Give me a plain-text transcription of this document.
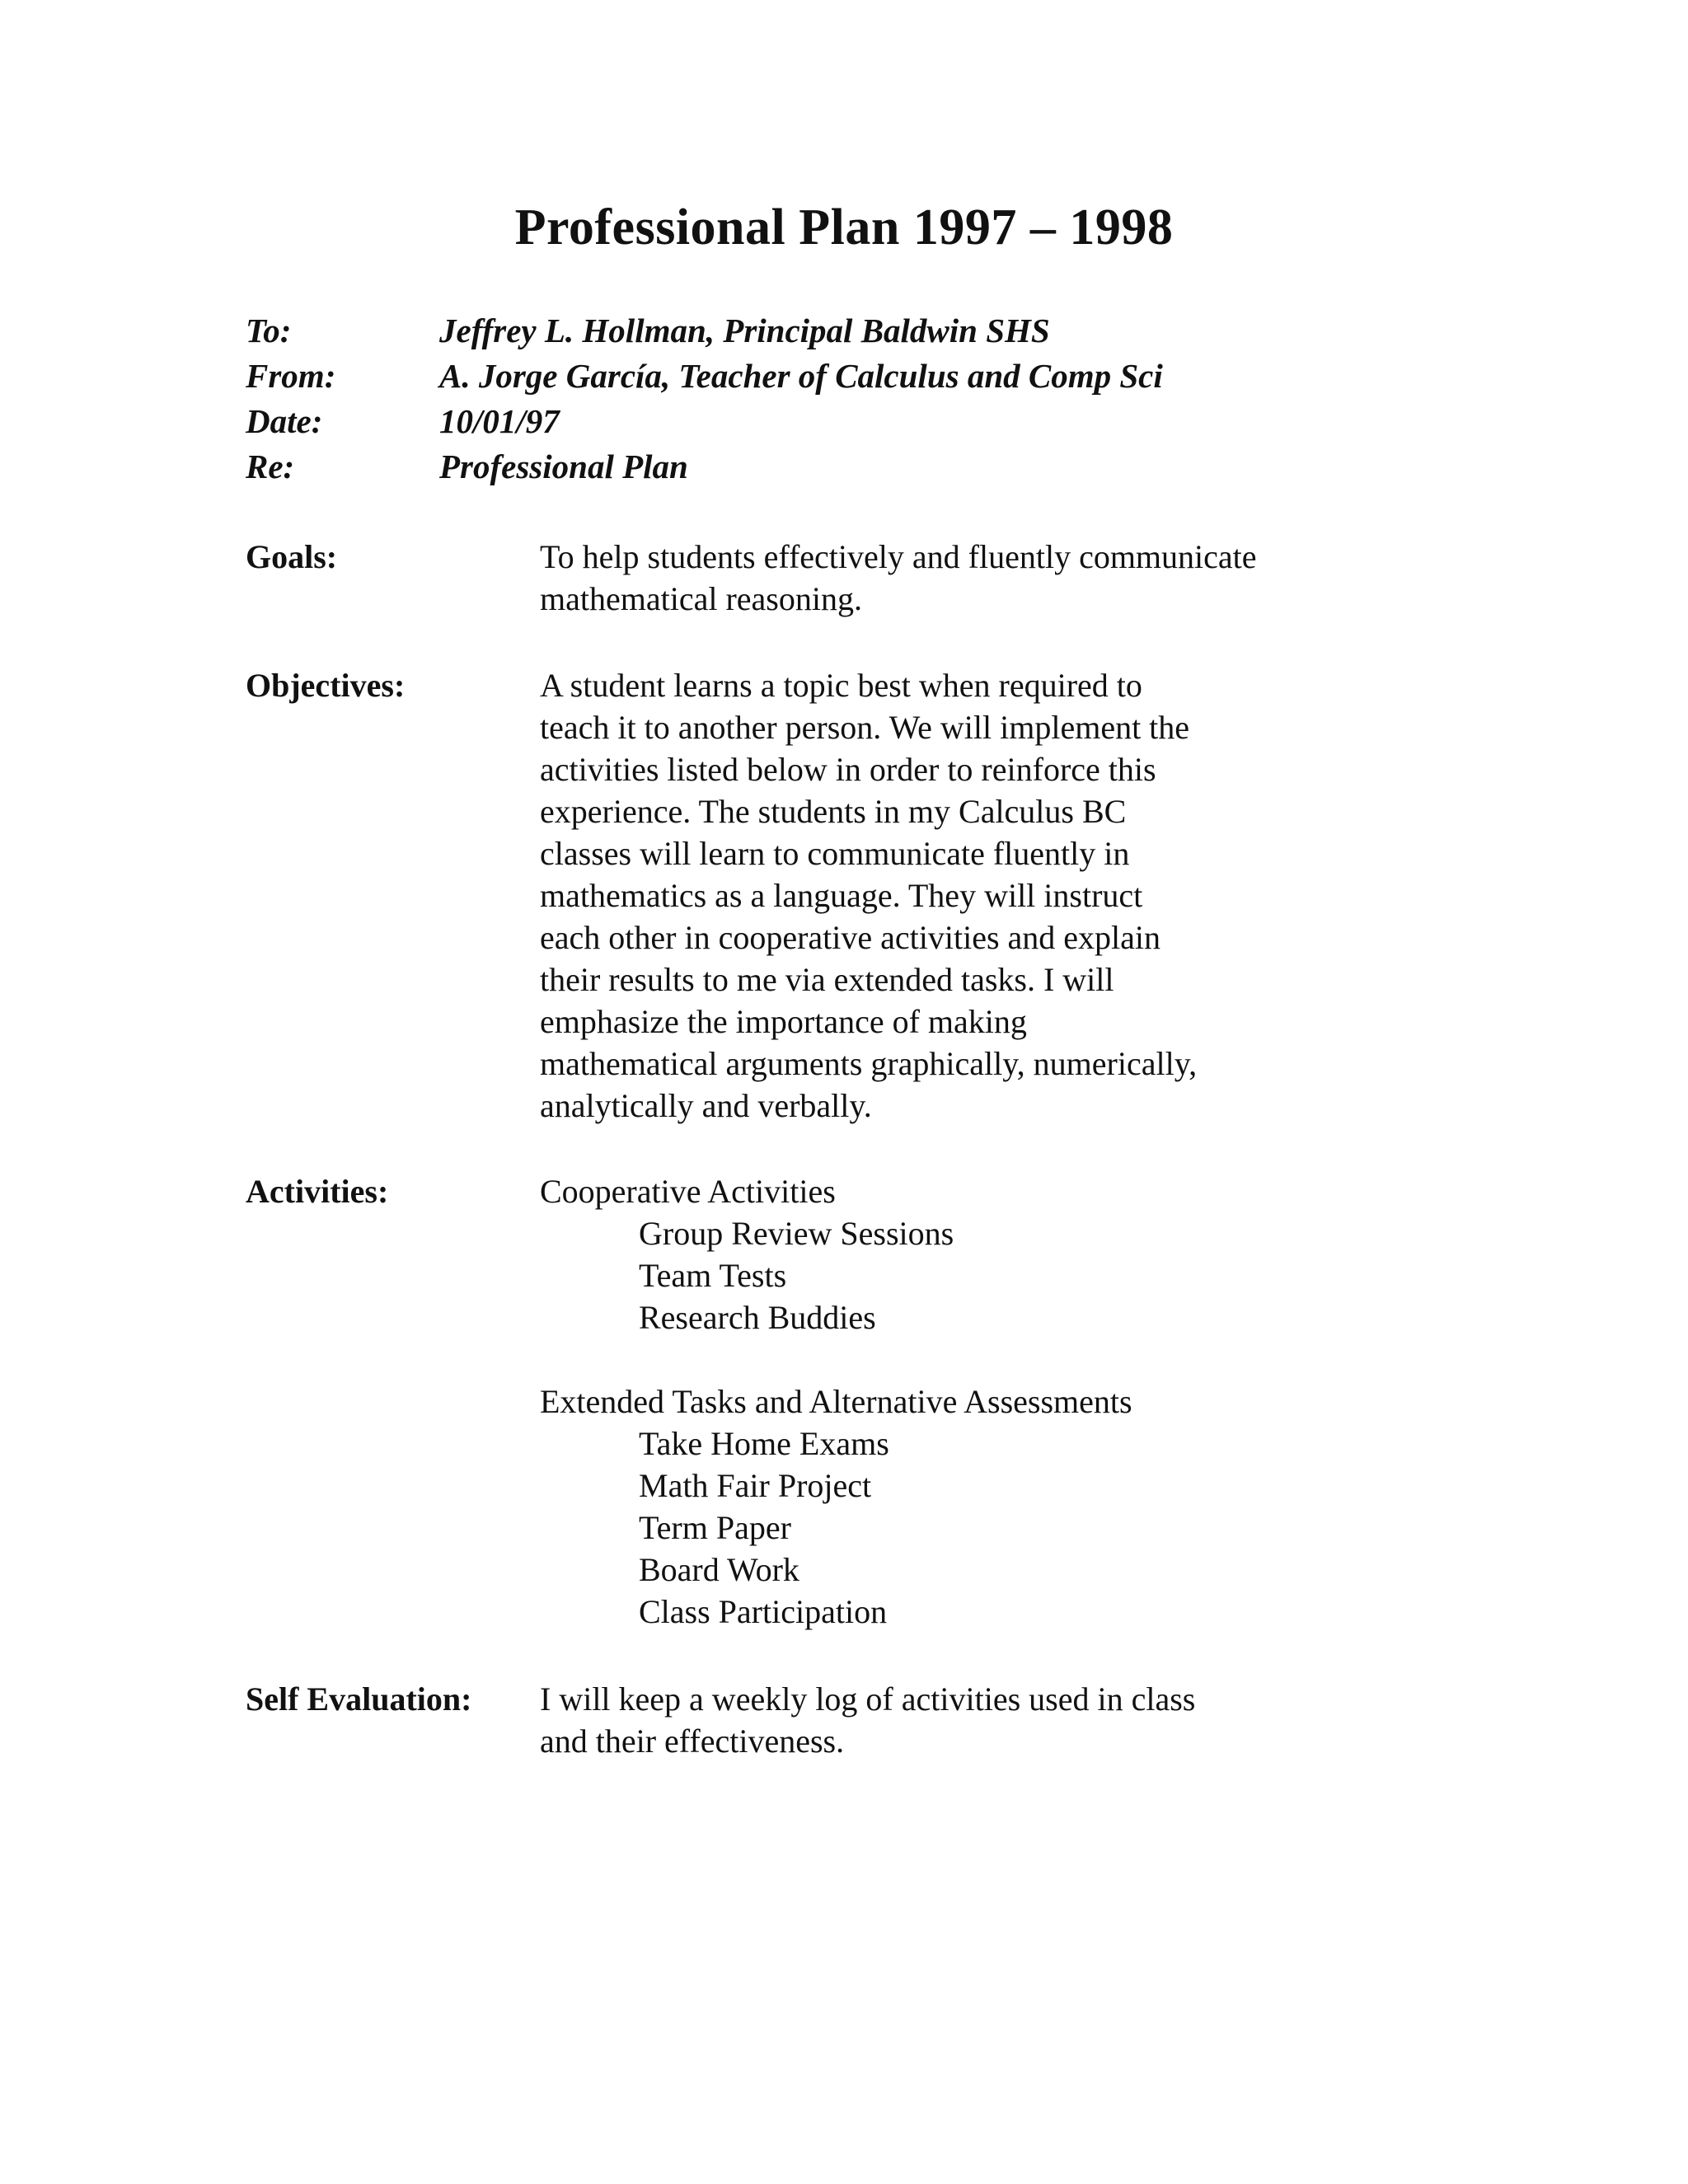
Professional Plan 1997 – 1998
To:	Jeffrey L. Hollman, Principal Baldwin SHS
From:	A. Jorge García, Teacher of Calculus and Comp Sci
Date:	10/01/97
Re:	Professional Plan
Goals:	To help students effectively and fluently communicate
mathematical reasoning.
Objectives:	A student learns a topic best when required to
teach it to another person. We will implement the
activities listed below in order to reinforce this
experience. The students in my Calculus BC
classes will learn to communicate fluently in
mathematics as a language. They will instruct
each other in cooperative activities and explain
their results to me via extended tasks. I will
emphasize the importance of making
mathematical arguments graphically, numerically,
analytically and verbally.
Activities:	Cooperative Activities
Group Review Sessions
Team Tests
Research Buddies
Extended Tasks and Alternative Assessments
Take Home Exams
Math Fair Project
Term Paper
Board Work
Class Participation
Self Evaluation:	I will keep a weekly log of activities used in class
and their effectiveness.
